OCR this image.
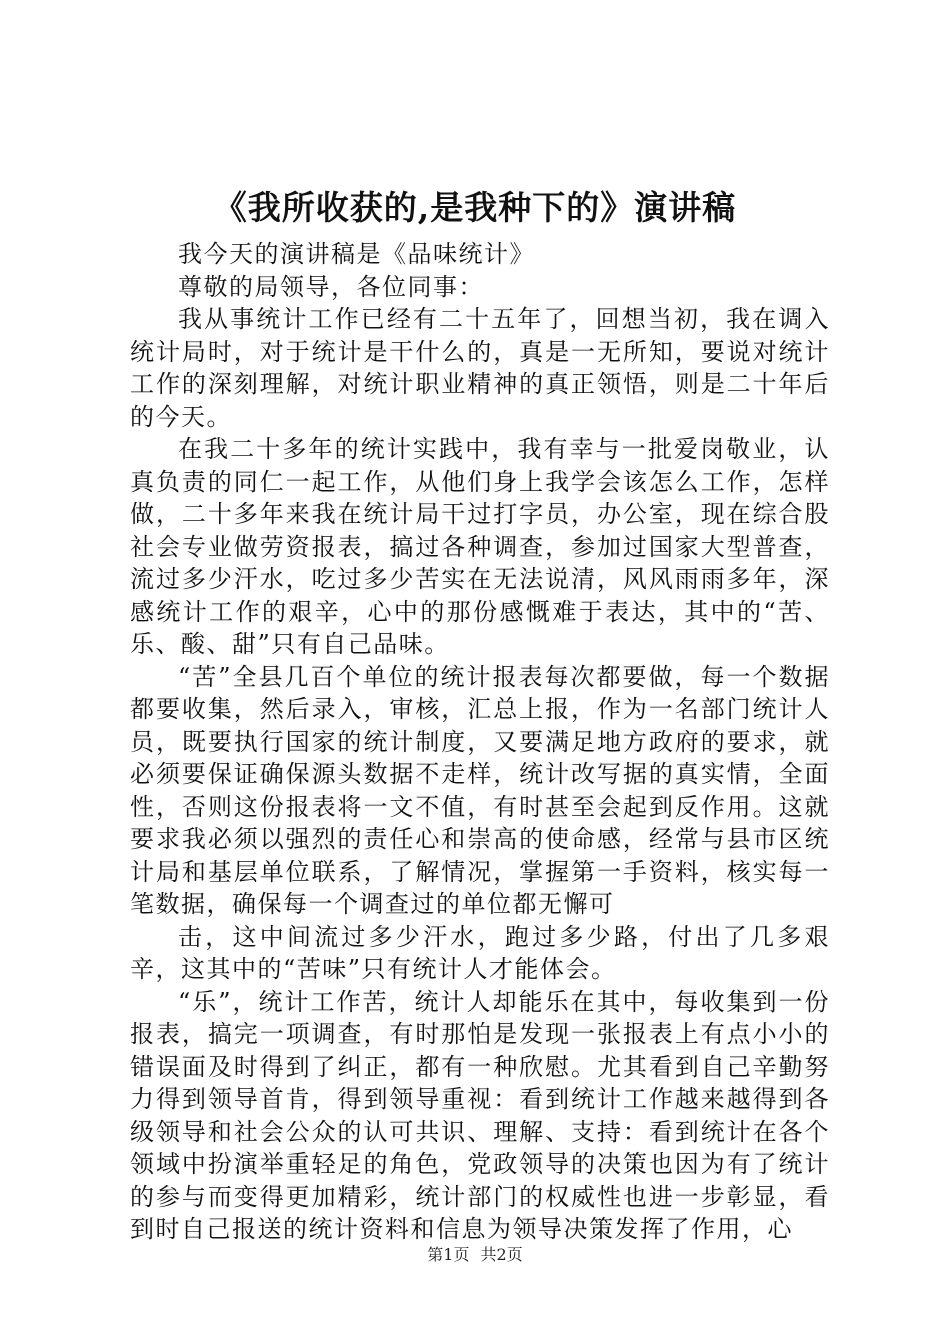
《我所收获的,是我种下的》演讲稿

我今天的演讲稿是《品味统计》

尊敬的局领导，各位同事：

我从事统计工作已经有二十五年了，回想当初，我在调入统计局时，对于统计是干什么的，真是一无所知，要说对统计工作的深刻理解，对统计职业精神的真正领悟，则是二十年后的今天。

在我二十多年的统计实践中，我有幸与一批爱岗敬业，认真负责的同仁一起工作，从他们身上我学会该怎么工作，怎样做，二十多年来我在统计局干过打字员，办公室，现在综合股社会专业做劳资报表，搞过各种调查，参加过国家大型普查，流过多少汗水，吃过多少苦实在无法说清，风风雨雨多年，深感统计工作的艰辛，心中的那份感慨难于表达，其中的“苦、乐、酸、甜”只有自己品味。

“苦”全县几百个单位的统计报表每次都要做，每一个数据都要收集，然后录入，审核，汇总上报，作为一名部门统计人员，既要执行国家的统计制度，又要满足地方政府的要求，就必须要保证确保源头数据不走样，统计改写据的真实情，全面性，否则这份报表将一文不值，有时甚至会起到反作用。这就要求我必须以强烈的责任心和崇高的使命感，经常与县市区统计局和基层单位联系，了解情况，掌握第一手资料，核实每一笔数据，确保每一个调查过的单位都无懈可

击，这中间流过多少汗水，跑过多少路，付出了几多艰辛，这其中的“苦味”只有统计人才能体会。

“乐”，统计工作苦，统计人却能乐在其中，每收集到一份报表，搞完一项调查，有时那怕是发现一张报表上有点小小的错误面及时得到了纠正，都有一种欣慰。尤其看到自己辛勤努力得到领导首肯，得到领导重视：看到统计工作越来越得到各级领导和社会公众的认可共识、理解、支持：看到统计在各个领域中扮演举重轻足的角色，党政领导的决策也因为有了统计的参与而变得更加精彩，统计部门的权威性也进一步彰显，看到时自己报送的统计资料和信息为领导决策发挥了作用，心

第1页 共2页
